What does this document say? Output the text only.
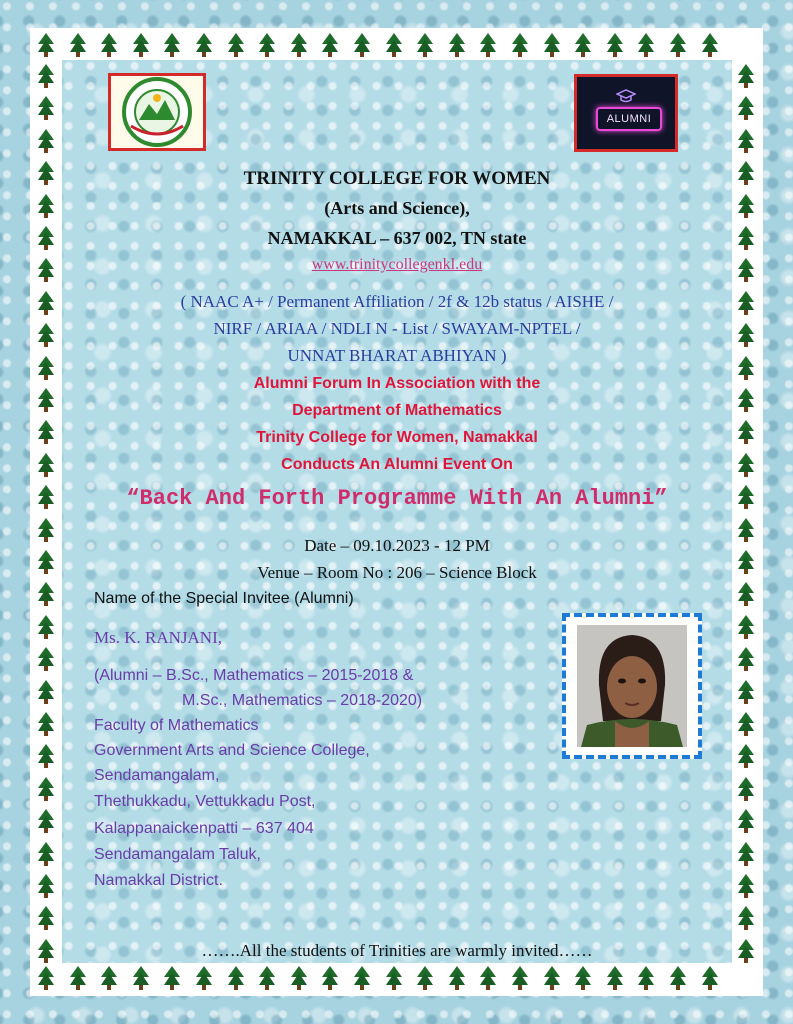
ALUMNI
TRINITY COLLEGE FOR WOMEN
(Arts and Science),
NAMAKKAL – 637 002, TN state
www.trinitycollegenkl.edu
( NAAC A+ / Permanent Affiliation / 2f & 12b status / AISHE /
NIRF / ARIAA / NDLI N - List / SWAYAM-NPTEL /
UNNAT BHARAT ABHIYAN )
Alumni Forum In Association with the
Department of Mathematics
Trinity College for Women, Namakkal
Conducts An Alumni Event On
“Back And Forth Programme With An Alumni”
Date – 09.10.2023 - 12 PM
Venue – Room No : 206 – Science Block
Name of the Special Invitee (Alumni)
Ms. K. RANJANI,
(Alumni – B.Sc., Mathematics – 2015-2018 &
M.Sc., Mathematics – 2018-2020)
Faculty of Mathematics
Government Arts and Science College,
Sendamangalam,
Thethukkadu, Vettukkadu Post,
Kalappanaickenpatti – 637 404
Sendamangalam Taluk,
Namakkal District.
…….All the students of Trinities are warmly invited……
